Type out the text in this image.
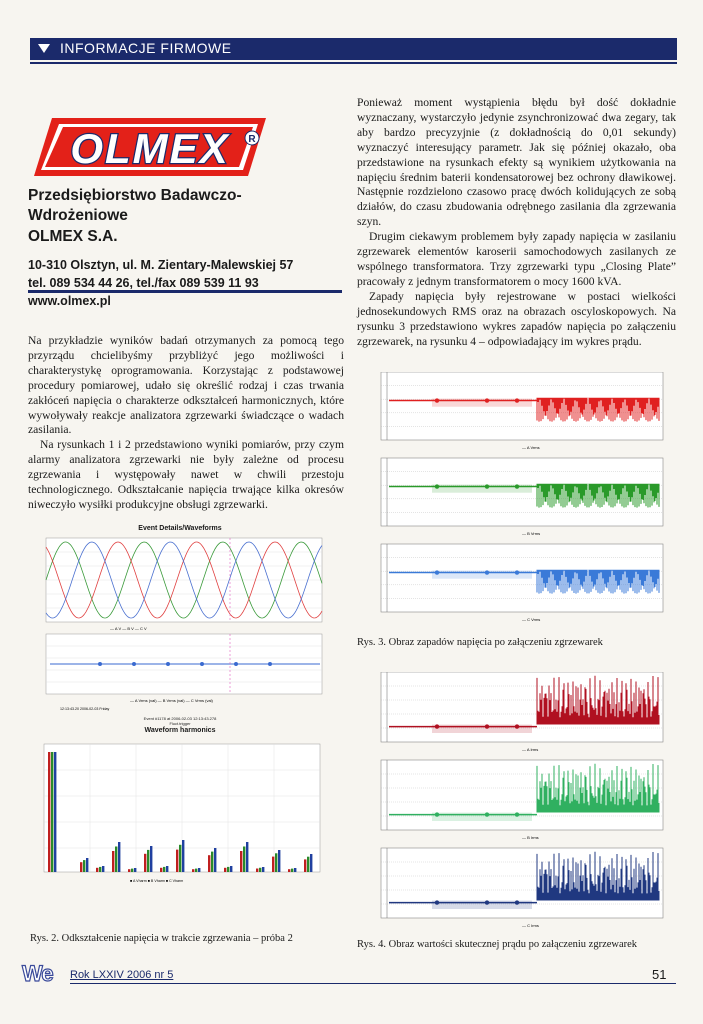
INFORMACJE FIRMOWE
OLMEX R
Przedsiębiorstwo Badawczo-Wdrożeniowe
OLMEX S.A.
10-310 Olsztyn, ul. M. Zientary-Malewskiej 57
tel. 089 534 44 26, tel./fax 089 539 11 93
www.olmex.pl

Na przykładzie wyników badań otrzymanych za pomocą tego przyrządu chcielibyśmy przybliżyć jego możliwości i charakterystykę oprogramowania. Korzystając z podstawowej procedury pomiarowej, udało się określić rodzaj i czas trwania zakłóceń napięcia o charakterze odkształceń harmonicznych, które wywoływały reakcje analizatora zgrzewarki świadczące o wadach zasilania.

Na rysunkach 1 i 2 przedstawiono wyniki pomiarów, przy czym alarmy analizatora zgrzewarki nie były zależne od procesu zgrzewania i występowały nawet w chwili przestoju technologicznego. Odkształcanie napięcia trwające kilka okresów niweczyło wysiłki produkcyjne obsługi zgrzewarki.

Ponieważ moment wystąpienia błędu był dość dokładnie wyznaczany, wystarczyło jedynie zsynchronizować dwa zegary, tak aby bardzo precyzyjnie (z dokładnością do 0,01 sekundy) wyznaczyć interesujący parametr. Jak się później okazało, oba przedstawione na rysunkach efekty są wynikiem użytkowania na napięciu średnim baterii kondensatorowej bez ochrony dławikowej. Następnie rozdzielono czasowo pracę dwóch kolidujących ze sobą działów, do czasu zbudowania odrębnego zasilania dla zgrzewania szyn.

Drugim ciekawym problemem były zapady napięcia w zasilaniu zgrzewarek elementów karoserii samochodowych zasilanych ze wspólnego transformatora. Trzy zgrzewarki typu „Closing Plate” pracowały z jednym transformatorem o mocy 1600 kVA.

Zapady napięcia były rejestrowane w postaci wielkości jednosekundowych RMS oraz na obrazach oscyloskopowych. Na rysunku 3 przedstawiono wykres zapadów napięcia po załączeniu zgrzewarek, na rysunku 4 – odpowiadający im wykres prądu.

Event Details/Waveforms
— A V — B V — C V
— A Vrms (val) — B Vrms (val) — C Vrms (val)
12:13:43.20 2006-02-03 Friday
Event #1178 at 2006-02-03 12:13:43.278
Fluct.trigger
Waveform harmonics
■ A Vharm ■ B Vharm ■ C Vharm
Rys. 2. Odkształcenie napięcia w trakcie zgrzewania – próba 2
— A Vrms
— B Vrms
— C Vrms
Rys. 3. Obraz zapadów napięcia po załączeniu zgrzewarek
— A Irms
— B Irms
— C Irms
Rys. 4. Obraz wartości skutecznej prądu po załączeniu zgrzewarek
We Rok LXXIV 2006 nr 5	51
